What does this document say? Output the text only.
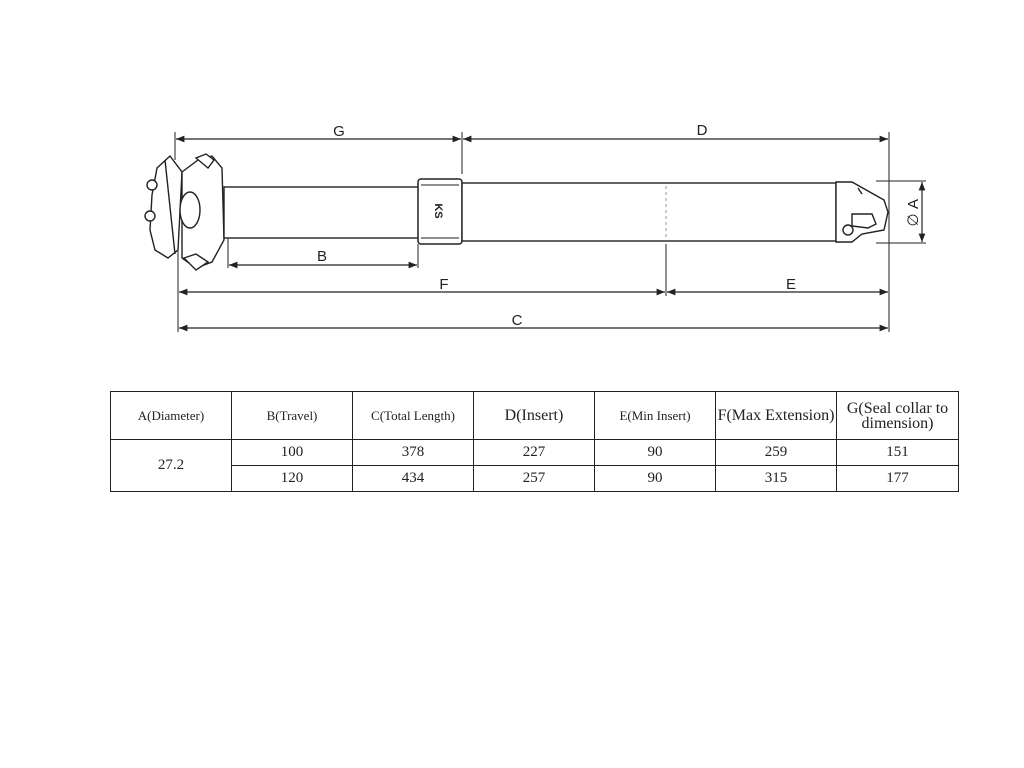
KS
G	D
B
F	E
C
∅
A
A(Diameter)	B(Travel)	C(Total Length)	D(Insert)	E(Min Insert)	F(Max Extension)	G(Seal collar to dimension)
27.2	100	378	227	90	259	151
	120	434	257	90	315	177
